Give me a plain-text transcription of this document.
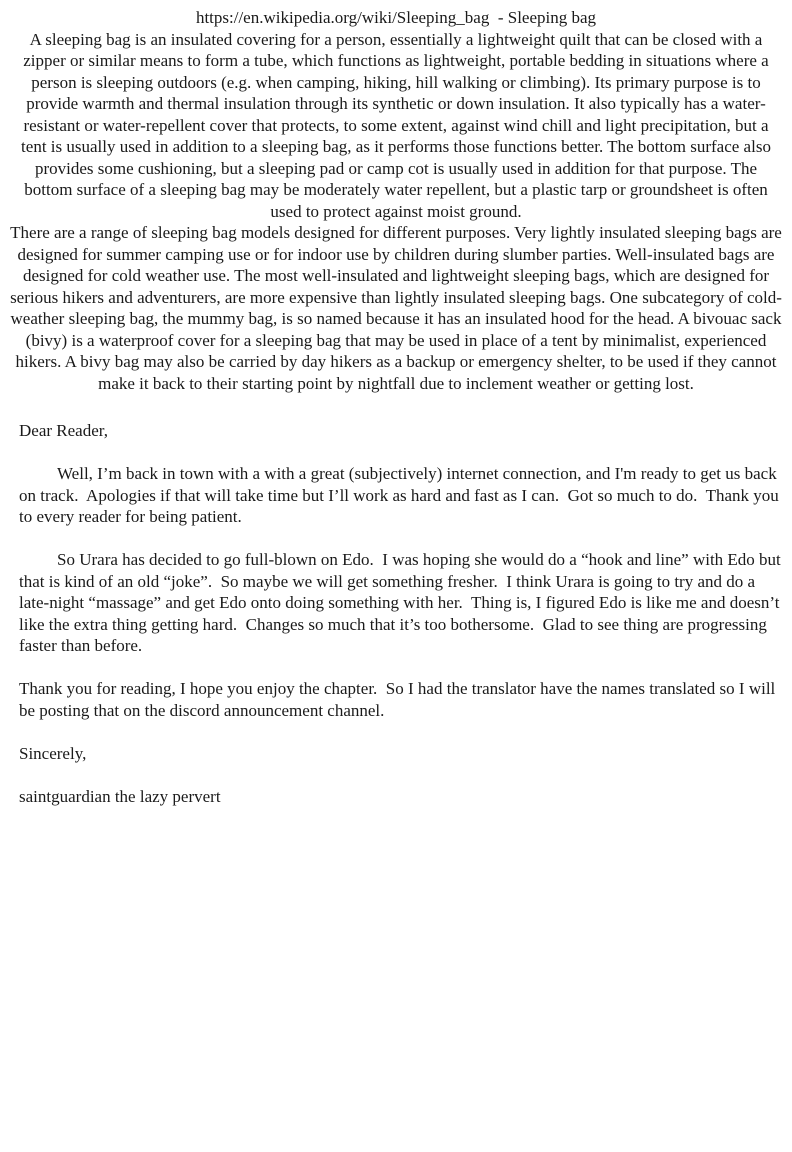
https://en.wikipedia.org/wiki/Sleeping_bag  - Sleeping bag

A sleeping bag is an insulated covering for a person, essentially a lightweight quilt that can be closed with a zipper or similar means to form a tube, which functions as lightweight, portable bedding in situations where a person is sleeping outdoors (e.g. when camping, hiking, hill walking or climbing). Its primary purpose is to provide warmth and thermal insulation through its synthetic or down insulation. It also typically has a water-resistant or water-repellent cover that protects, to some extent, against wind chill and light precipitation, but a tent is usually used in addition to a sleeping bag, as it performs those functions better. The bottom surface also provides some cushioning, but a sleeping pad or camp cot is usually used in addition for that purpose. The bottom surface of a sleeping bag may be moderately water repellent, but a plastic tarp or groundsheet is often used to protect against moist ground.

There are a range of sleeping bag models designed for different purposes. Very lightly insulated sleeping bags are designed for summer camping use or for indoor use by children during slumber parties. Well-insulated bags are designed for cold weather use. The most well-insulated and lightweight sleeping bags, which are designed for serious hikers and adventurers, are more expensive than lightly insulated sleeping bags. One subcategory of cold-weather sleeping bag, the mummy bag, is so named because it has an insulated hood for the head. A bivouac sack (bivy) is a waterproof cover for a sleeping bag that may be used in place of a tent by minimalist, experienced hikers. A bivy bag may also be carried by day hikers as a backup or emergency shelter, to be used if they cannot make it back to their starting point by nightfall due to inclement weather or getting lost.

Dear Reader,

Well, I’m back in town with a with a great (subjectively) internet connection, and I'm ready to get us back on track.  Apologies if that will take time but I’ll work as hard and fast as I can.  Got so much to do.  Thank you to every reader for being patient.

So Urara has decided to go full-blown on Edo.  I was hoping she would do a “hook and line” with Edo but that is kind of an old “joke”.  So maybe we will get something fresher.  I think Urara is going to try and do a late-night “massage” and get Edo onto doing something with her.  Thing is, I figured Edo is like me and doesn’t like the extra thing getting hard.  Changes so much that it’s too bothersome.  Glad to see thing are progressing faster than before.

Thank you for reading, I hope you enjoy the chapter.  So I had the translator have the names translated so I will be posting that on the discord announcement channel.

Sincerely,

saintguardian the lazy pervert
